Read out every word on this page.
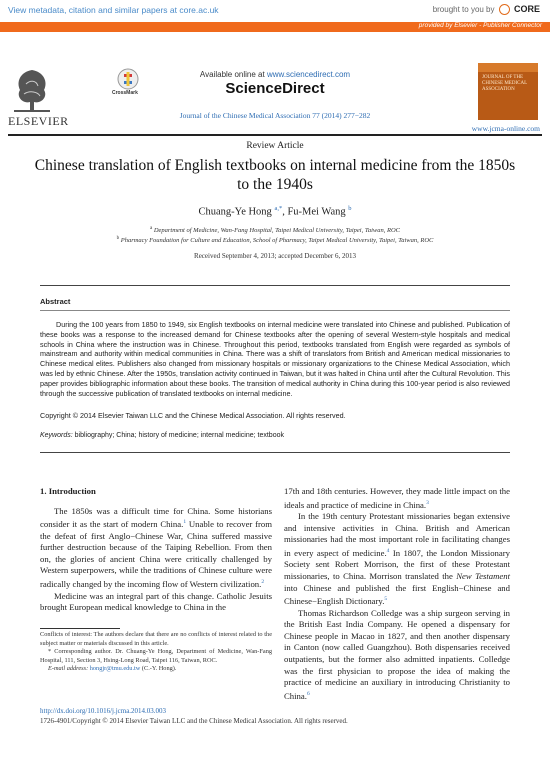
View metadata, citation and similar papers at core.ac.uk	brought to you by CORE
provided by Elsevier - Publisher Connector
ELSEVIER
CrossMark
Available online at www.sciencedirect.com
ScienceDirect
Journal of the Chinese Medical Association 77 (2014) 277−282
JOURNAL OF THE CHINESE MEDICAL ASSOCIATION
www.jcma-online.com
Review Article
Chinese translation of English textbooks on internal medicine from the 1850s to the 1940s
Chuang-Ye Hong $^{a,*}$, Fu-Mei Wang $^b$
$^a$ Department of Medicine, Wan-Fang Hospital, Taipei Medical University, Taipei, Taiwan, ROC
$^b$ Pharmacy Foundation for Culture and Education, School of Pharmacy, Taipei Medical University, Taipei, Taiwan, ROC
Received September 4, 2013; accepted December 6, 2013
Abstract

During the 100 years from 1850 to 1949, six English textbooks on internal medicine were translated into Chinese and published. Publication of these books was a response to the increased demand for Chinese textbooks after the opening of several Western-style hospitals and medical schools in China where the instruction was in Chinese. Throughout this period, textbooks translated from English were regarded as symbols of mainstream and authority within medical communities in China. There was a shift of translators from British and American medical missionaries to Chinese medical elites. Publishers also changed from missionary hospitals or missionary organizations to the Chinese Medical Association, which was led by ethnic Chinese. After the 1950s, translation activity continued in Taiwan, but it was halted in China until after the Cultural Revolution. This paper provides bibliographic information about these books. The transition of medical authority in China during this 100-year period is also reviewed through the successive publication of translated textbooks on internal medicine.

Copyright © 2014 Elsevier Taiwan LLC and the Chinese Medical Association. All rights reserved.
Keywords: bibliography; China; history of medicine; internal medicine; textbook
1. Introduction

The 1850s was a difficult time for China. Some historians consider it as the start of modern China.$^1$ Unable to recover from the defeat of first Anglo−Chinese War, China suffered massive further destruction because of the Taiping Rebellion. From then on, the glories of ancient China were critically challenged by Western superpowers, while the traditions of Chinese culture were radically changed by the incoming flow of Western civilization.$^2$

Medicine was an integral part of this change. Catholic Jesuits brought European medical knowledge to China in the

17th and 18th centuries. However, they made little impact on the ideals and practice of medicine in China.$^3$

In the 19th century Protestant missionaries began extensive and intensive activities in China. British and American missionaries had the most important role in facilitating changes in every aspect of medicine.$^4$ In 1807, the London Missionary Society sent Robert Morrison, the first of these Protestant missionaries, to China. Morrison translated the New Testament into Chinese and published the first English−Chinese and Chinese−English Dictionary.$^5$

Thomas Richardson Colledge was a ship surgeon serving in the British East India Company. He opened a dispensary for Chinese people in Macao in 1827, and then another dispensary in Canton (now called Guangzhou). Both dispensaries received outpatients, but the former also admitted inpatients. Colledge was the first physician to propose the idea of making the practice of medicine an auxiliary in introducing Christianity to China.$^6$

Conflicts of interest: The authors declare that there are no conflicts of interest related to the subject matter or materials discussed in this article.

* Corresponding author. Dr. Chuang-Ye Hong, Department of Medicine, Wan-Fang Hospital, 111, Section 3, Hsing-Long Road, Taipei 116, Taiwan, ROC.

E-mail address: hongjr@tmu.edu.tw (C.-Y. Hong).

http://dx.doi.org/10.1016/j.jcma.2014.03.003
1726-4901/Copyright © 2014 Elsevier Taiwan LLC and the Chinese Medical Association. All rights reserved.
